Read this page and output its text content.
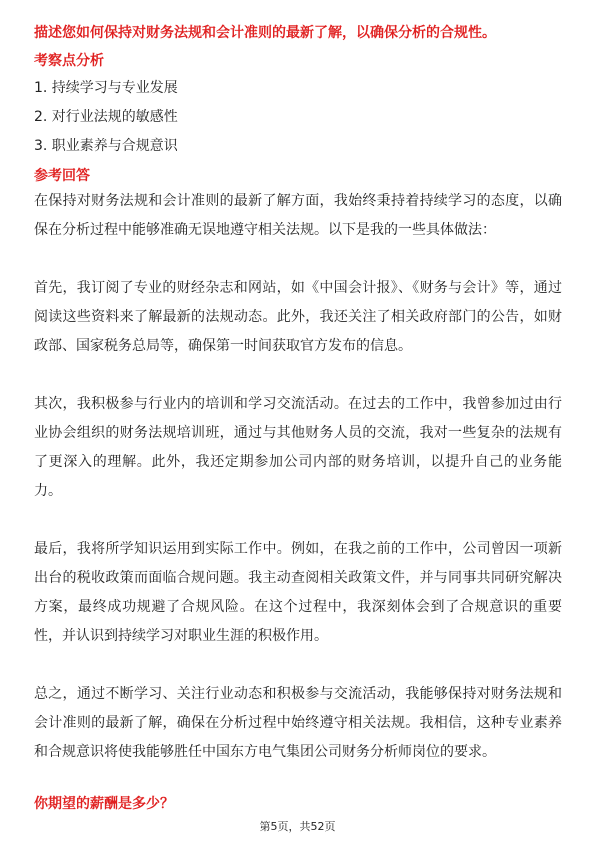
描述您如何保持对财务法规和会计准则的最新了解，以确保分析的合规性。

考察点分析

1. 持续学习与专业发展
2. 对行业法规的敏感性
3. 职业素养与合规意识

参考回答

在保持对财务法规和会计准则的最新了解方面，我始终秉持着持续学习的态度，以确保在分析过程中能够准确无误地遵守相关法规。以下是我的一些具体做法：

首先，我订阅了专业的财经杂志和网站，如《中国会计报》、《财务与会计》等，通过阅读这些资料来了解最新的法规动态。此外，我还关注了相关政府部门的公告，如财政部、国家税务总局等，确保第一时间获取官方发布的信息。

其次，我积极参与行业内的培训和学习交流活动。在过去的工作中，我曾参加过由行业协会组织的财务法规培训班，通过与其他财务人员的交流，我对一些复杂的法规有了更深入的理解。此外，我还定期参加公司内部的财务培训，以提升自己的业务能力。

最后，我将所学知识运用到实际工作中。例如，在我之前的工作中，公司曾因一项新出台的税收政策而面临合规问题。我主动查阅相关政策文件，并与同事共同研究解决方案，最终成功规避了合规风险。在这个过程中，我深刻体会到了合规意识的重要性，并认识到持续学习对职业生涯的积极作用。

总之，通过不断学习、关注行业动态和积极参与交流活动，我能够保持对财务法规和会计准则的最新了解，确保在分析过程中始终遵守相关法规。我相信，这种专业素养和合规意识将使我能够胜任中国东方电气集团公司财务分析师岗位的要求。

你期望的薪酬是多少？
第5页，共52页
